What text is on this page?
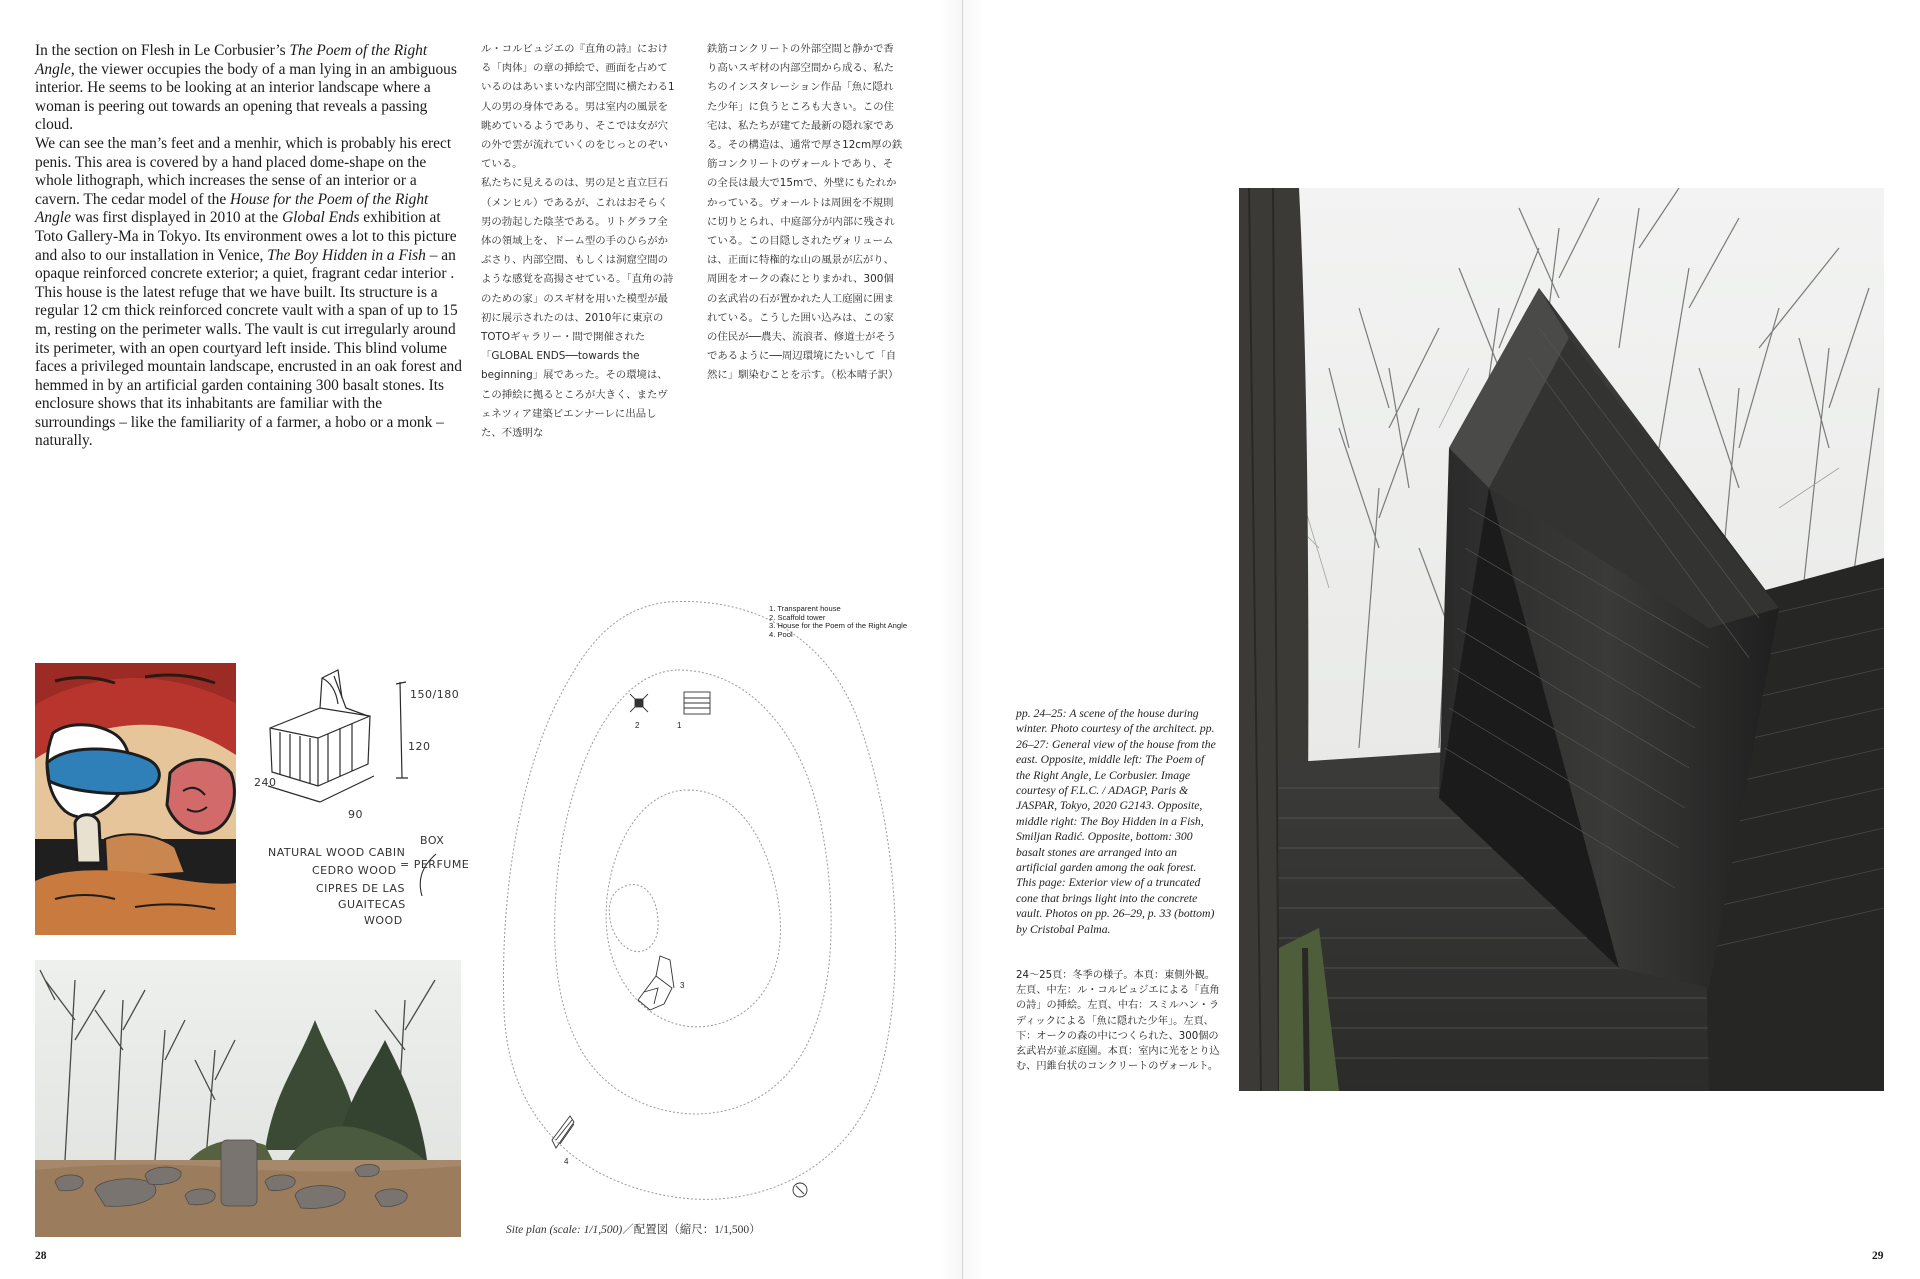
In the section on Flesh in Le Corbusier’s The Poem of the Right Angle, the viewer occupies the body of a man lying in an ambiguous interior. He seems to be looking at an interior landscape where a woman is peering out towards an opening that reveals a passing cloud.

We can see the man’s feet and a menhir, which is probably his erect penis. This area is covered by a hand placed dome-shape on the whole lithograph, which increases the sense of an interior or a cavern. The cedar model of the House for the Poem of the Right Angle was first displayed in 2010 at the Global Ends exhibition at Toto Gallery-Ma in Tokyo. Its environment owes a lot to this picture and also to our installation in Venice, The Boy Hidden in a Fish – an opaque reinforced concrete exterior; a quiet, fragrant cedar interior . This house is the latest refuge that we have built. Its structure is a regular 12 cm thick reinforced concrete vault with a span of up to 15 m, resting on the perimeter walls. The vault is cut irregularly around its perimeter, with an open courtyard left inside. This blind volume faces a privileged mountain landscape, encrusted in an oak forest and hemmed in by an artificial garden containing 300 basalt stones. Its enclosure shows that its inhabitants are familiar with the surroundings – like the familiarity of a farmer, a hobo or a monk – naturally.

ル・コルビュジエの『直角の詩』における「肉体」の章の挿絵で、画面を占めているのはあいまいな内部空間に横たわる1人の男の身体である。男は室内の風景を眺めているようであり、そこでは女が穴の外で雲が流れていくのをじっとのぞいている。

私たちに見えるのは、男の足と直立巨石（メンヒル）であるが、これはおそらく男の勃起した陰茎である。リトグラフ全体の領域上を、ドーム型の手のひらがかぶさり、内部空間、もしくは洞窟空間のような感覚を高揚させている。「直角の詩のための家」のスギ材を用いた模型が最初に展示されたのは、2010年に東京のTOTOギャラリー・間で開催された「GLOBAL ENDS──towards the beginning」展であった。その環境は、この挿絵に拠るところが大きく、またヴェネツィア建築ビエンナーレに出品した、不透明な

鉄筋コンクリートの外部空間と静かで香り高いスギ材の内部空間から成る、私たちのインスタレーション作品「魚に隠れた少年」に負うところも大きい。この住宅は、私たちが建てた最新の隠れ家である。その構造は、通常で厚さ12cm厚の鉄筋コンクリートのヴォールトであり、その全長は最大で15mで、外壁にもたれかかっている。ヴォールトは周囲を不規則に切りとられ、中庭部分が内部に残されている。この目隠しされたヴォリュームは、正面に特権的な山の風景が広がり、周囲をオークの森にとりまかれ、300個の玄武岩の石が置かれた人工庭園に囲まれている。こうした囲い込みは、この家の住民が──農夫、流浪者、修道士がそうであるように──周辺環境にたいして「自然に」馴染むことを示す。（松本晴子訳）

150/180
120
240
90
NATURAL WOOD CABIN
BOX
CEDRO WOOD = PERFUME
CIPRES DE LAS
GUAITECAS
WOOD
1
2
3
4
1. Transparent house
2. Scaffold tower
3. House for the Poem of the Right Angle
4. Pool
Site plan (scale: 1/1,500)／配置図（縮尺：1/1,500）
28
pp. 24–25: A scene of the house during winter. Photo courtesy of the architect. pp. 26–27: General view of the house from the east. Opposite, middle left: The Poem of the Right Angle, Le Corbusier. Image courtesy of F.L.C. / ADAGP, Paris & JASPAR, Tokyo, 2020 G2143. Opposite, middle right: The Boy Hidden in a Fish, Smiljan Radić. Opposite, bottom: 300 basalt stones are arranged into an artificial garden among the oak forest. This page: Exterior view of a truncated cone that brings light into the concrete vault. Photos on pp. 26–29, p. 33 (bottom) by Cristobal Palma.
24〜25頁：冬季の様子。本頁：東側外観。左頁、中左：ル・コルビュジエによる「直角の詩」の挿絵。左頁、中右：スミルハン・ラディックによる「魚に隠れた少年」。左頁、下：オークの森の中につくられた、300個の玄武岩が並ぶ庭園。本頁：室内に光をとり込む、円錐台状のコンクリートのヴォールト。
29
